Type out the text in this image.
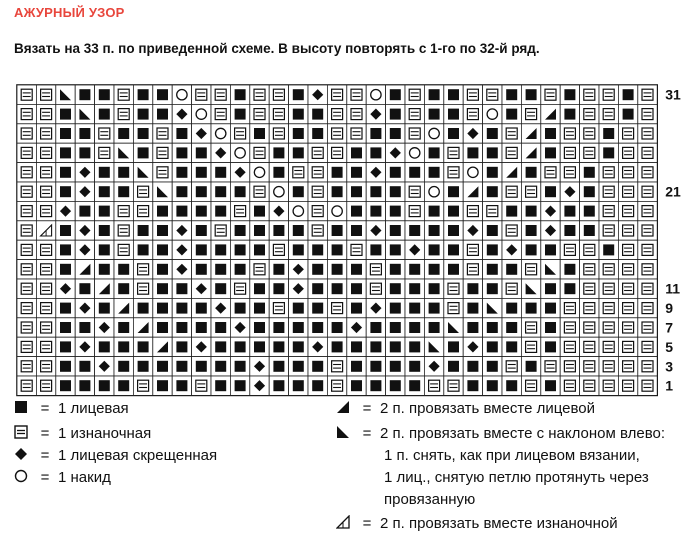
АЖУРНЫЙ УЗОР
Вязать на 33 п. по приведенной схеме. В высоту повторять с 1-го по 32-й ряд.
31
21
11
9
7
5
3
1
= 1 лицевая
= 1 изнаночная
= 1 лицевая скрещенная
= 1 накид
= 2 п. провязать вместе лицевой
= 2 п. провязать вместе с наклоном влево:
1 п. снять, как при лицевом вязании,
1 лиц., снятую петлю протянуть через
провязанную
= 2 п. провязать вместе изнаночной
